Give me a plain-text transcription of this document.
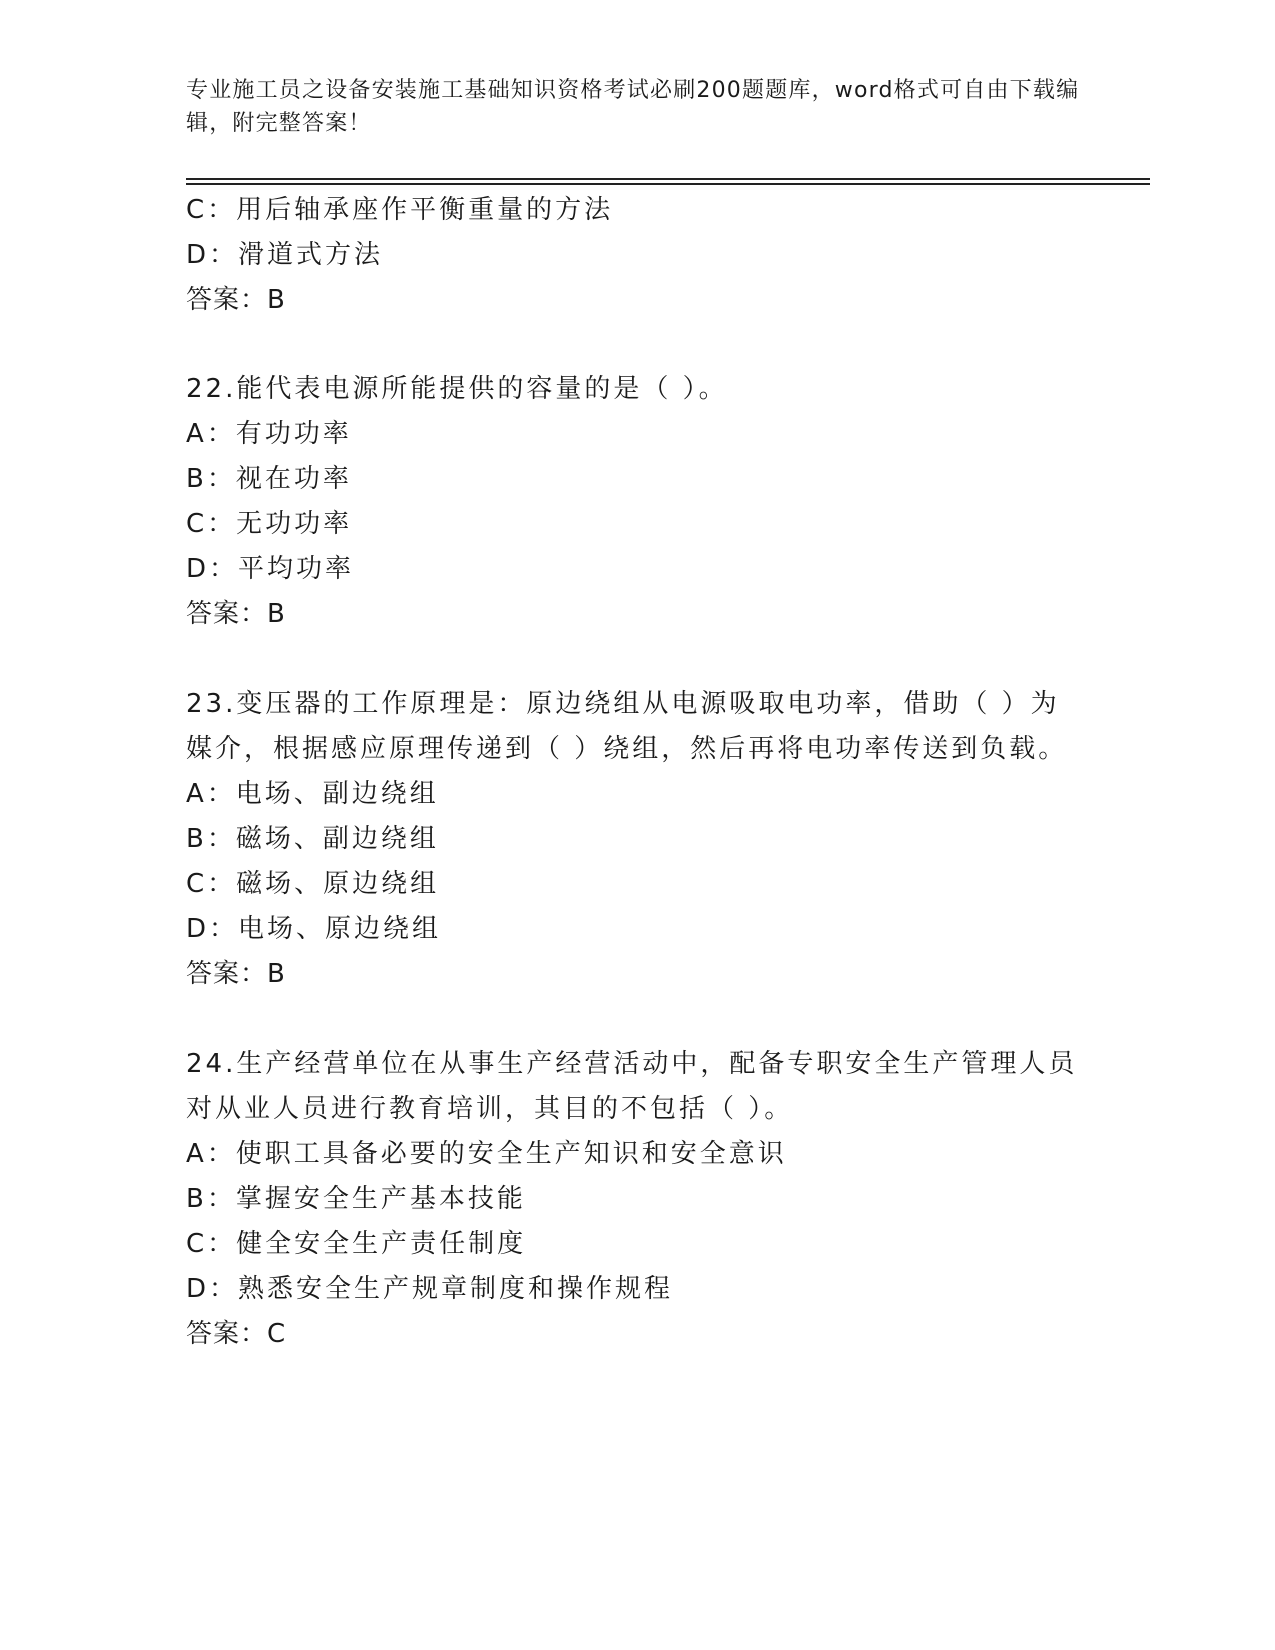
专业施工员之设备安装施工基础知识资格考试必刷200题题库，word格式可自由下载编辑，附完整答案！
C：用后轴承座作平衡重量的方法
D：滑道式方法
答案：B
22.能代表电源所能提供的容量的是（ ）。
A：有功功率
B：视在功率
C：无功功率
D：平均功率
答案：B
23.变压器的工作原理是：原边绕组从电源吸取电功率，借助（ ）为
媒介，根据感应原理传递到（ ）绕组，然后再将电功率传送到负载。
A：电场、副边绕组
B：磁场、副边绕组
C：磁场、原边绕组
D：电场、原边绕组
答案：B
24.生产经营单位在从事生产经营活动中，配备专职安全生产管理人员
对从业人员进行教育培训，其目的不包括（ ）。
A：使职工具备必要的安全生产知识和安全意识
B：掌握安全生产基本技能
C：健全安全生产责任制度
D：熟悉安全生产规章制度和操作规程
答案：C
